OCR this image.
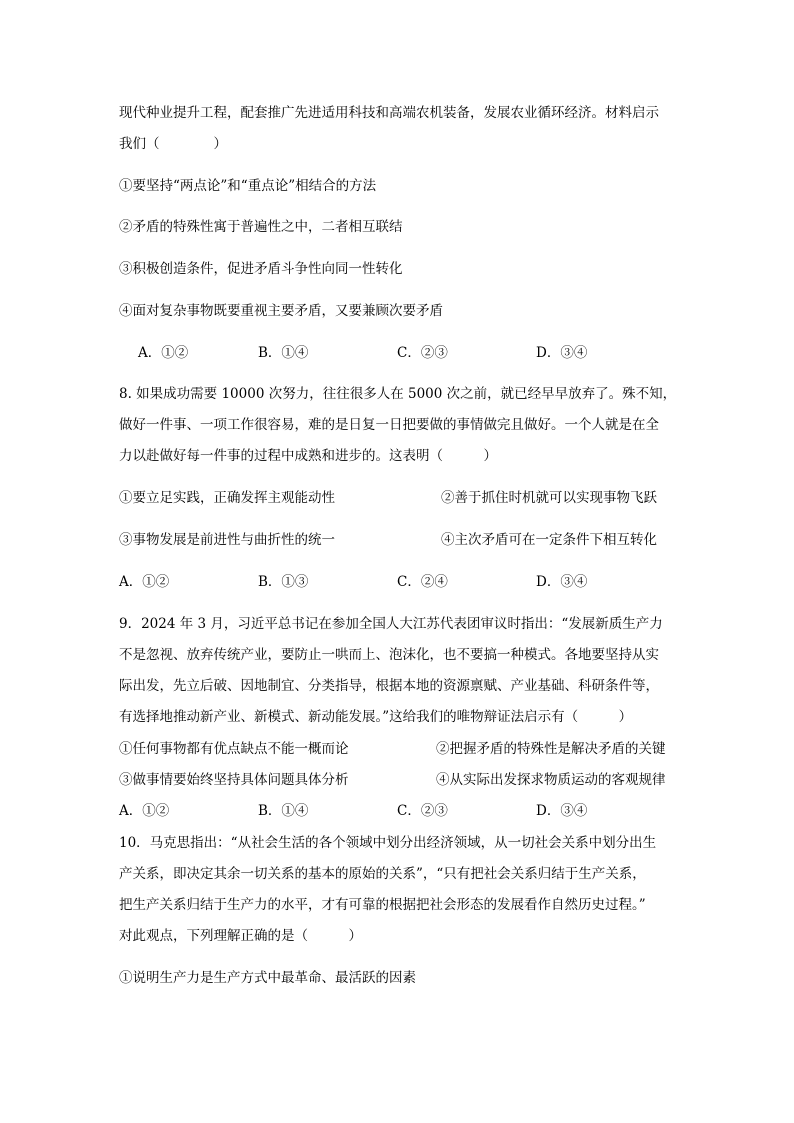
现代种业提升工程，配套推广先进适用科技和高端农机装备，发展农业循环经济。材料启示
我们（　　　　）
①要坚持“两点论”和“重点论”相结合的方法
②矛盾的特殊性寓于普遍性之中，二者相互联结
③积极创造条件，促进矛盾斗争性向同一性转化
④面对复杂事物既要重视主要矛盾，又要兼顾次要矛盾
A．①②	B．①④	C．②③	D．③④
8. 如果成功需要 10000 次努力，往往很多人在 5000 次之前，就已经早早放弃了。殊不知，
做好一件事、一项工作很容易，难的是日复一日把要做的事情做完且做好。一个人就是在全
力以赴做好每一件事的过程中成熟和进步的。这表明（　　　）
①要立足实践，正确发挥主观能动性	②善于抓住时机就可以实现事物飞跃
③事物发展是前进性与曲折性的统一	④主次矛盾可在一定条件下相互转化
A．①②	B．①③	C．②④	D．③④
9．2024 年 3 月，习近平总书记在参加全国人大江苏代表团审议时指出：“发展新质生产力
不是忽视、放弃传统产业，要防止一哄而上、泡沫化，也不要搞一种模式。各地要坚持从实
际出发，先立后破、因地制宜、分类指导，根据本地的资源禀赋、产业基础、科研条件等，
有选择地推动新产业、新模式、新动能发展。”这给我们的唯物辩证法启示有（　　　）
①任何事物都有优点缺点不能一概而论	②把握矛盾的特殊性是解决矛盾的关键
③做事情要始终坚持具体问题具体分析	④从实际出发探求物质运动的客观规律
A．①②	B．①④	C．②③	D．③④
10．马克思指出：“从社会生活的各个领域中划分出经济领域，从一切社会关系中划分出生
产关系，即决定其余一切关系的基本的原始的关系”，“只有把社会关系归结于生产关系，
把生产关系归结于生产力的水平，才有可靠的根据把社会形态的发展看作自然历史过程。”
对此观点，下列理解正确的是（　　　）
①说明生产力是生产方式中最革命、最活跃的因素
